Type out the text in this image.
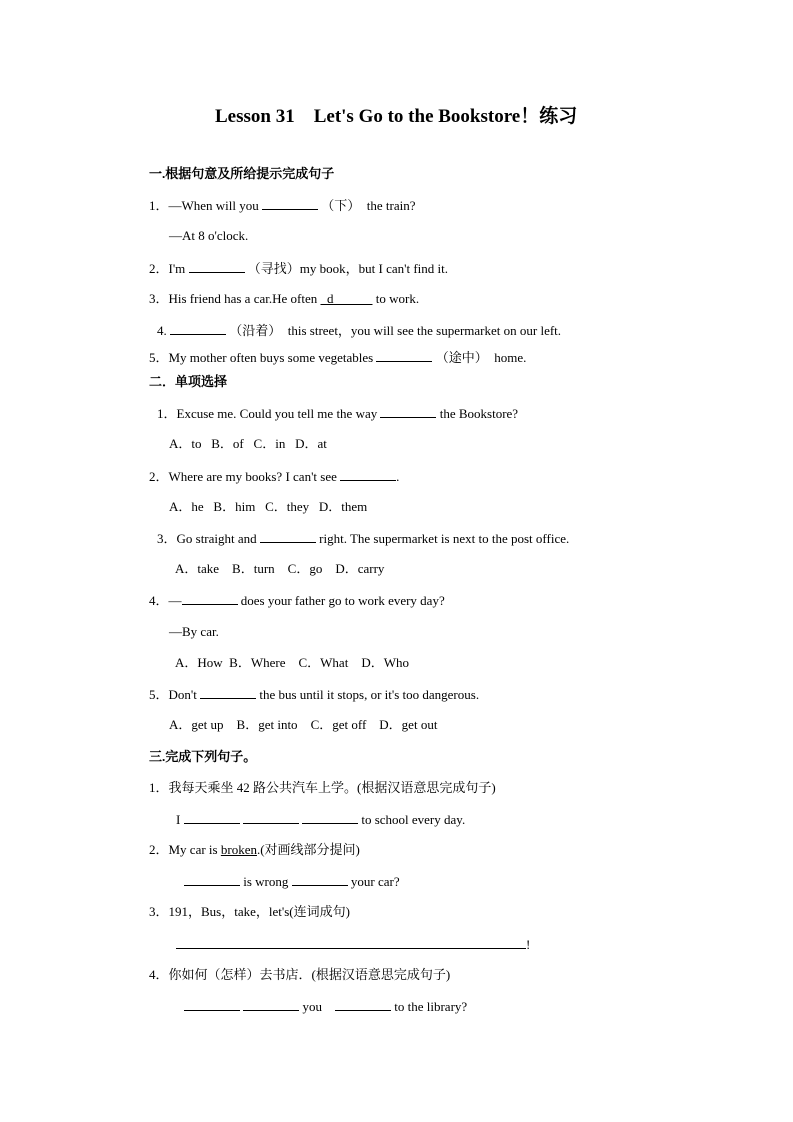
Lesson 31　Let's Go to the Bookstore！练习
一.根据句意及所给提示完成句子
1．—When will you	（下）　the train?
—At 8 o'clock.
2．I'm	（寻找）my book，but I can't find it.
3．His friend has a car.He often d	to work.
4.	（沿着）　this street，you will see the supermarket on our left.
5．My mother often buys some vegetables	（途中）　home.
二．单项选择
1．Excuse me. Could you tell me the way	the Bookstore?
A．to B．of C．in D．at
2．Where are my books? I can't see	.
A．he B．him C．they D．them
3．Go straight and	right. The supermarket is next to the post office.
A．take B．turn C．go D．carry
4．—	does your father go to work every day?
—By car.
A．How B．Where C．What D．Who
5．Don't	the bus until it stops, or it's too dangerous.
A．get up B．get into C．get off D．get out
三.完成下列句子。
1．我每天乘坐 42 路公共汽车上学。(根据汉语意思完成句子)
I	to school every day.
2．My car is broken.(对画线部分提问)
is wrong	your car?
3．191，Bus，take，let's(连词成句)
!
4．你如何（怎样）去书店．(根据汉语意思完成句子)
you	to the library?
